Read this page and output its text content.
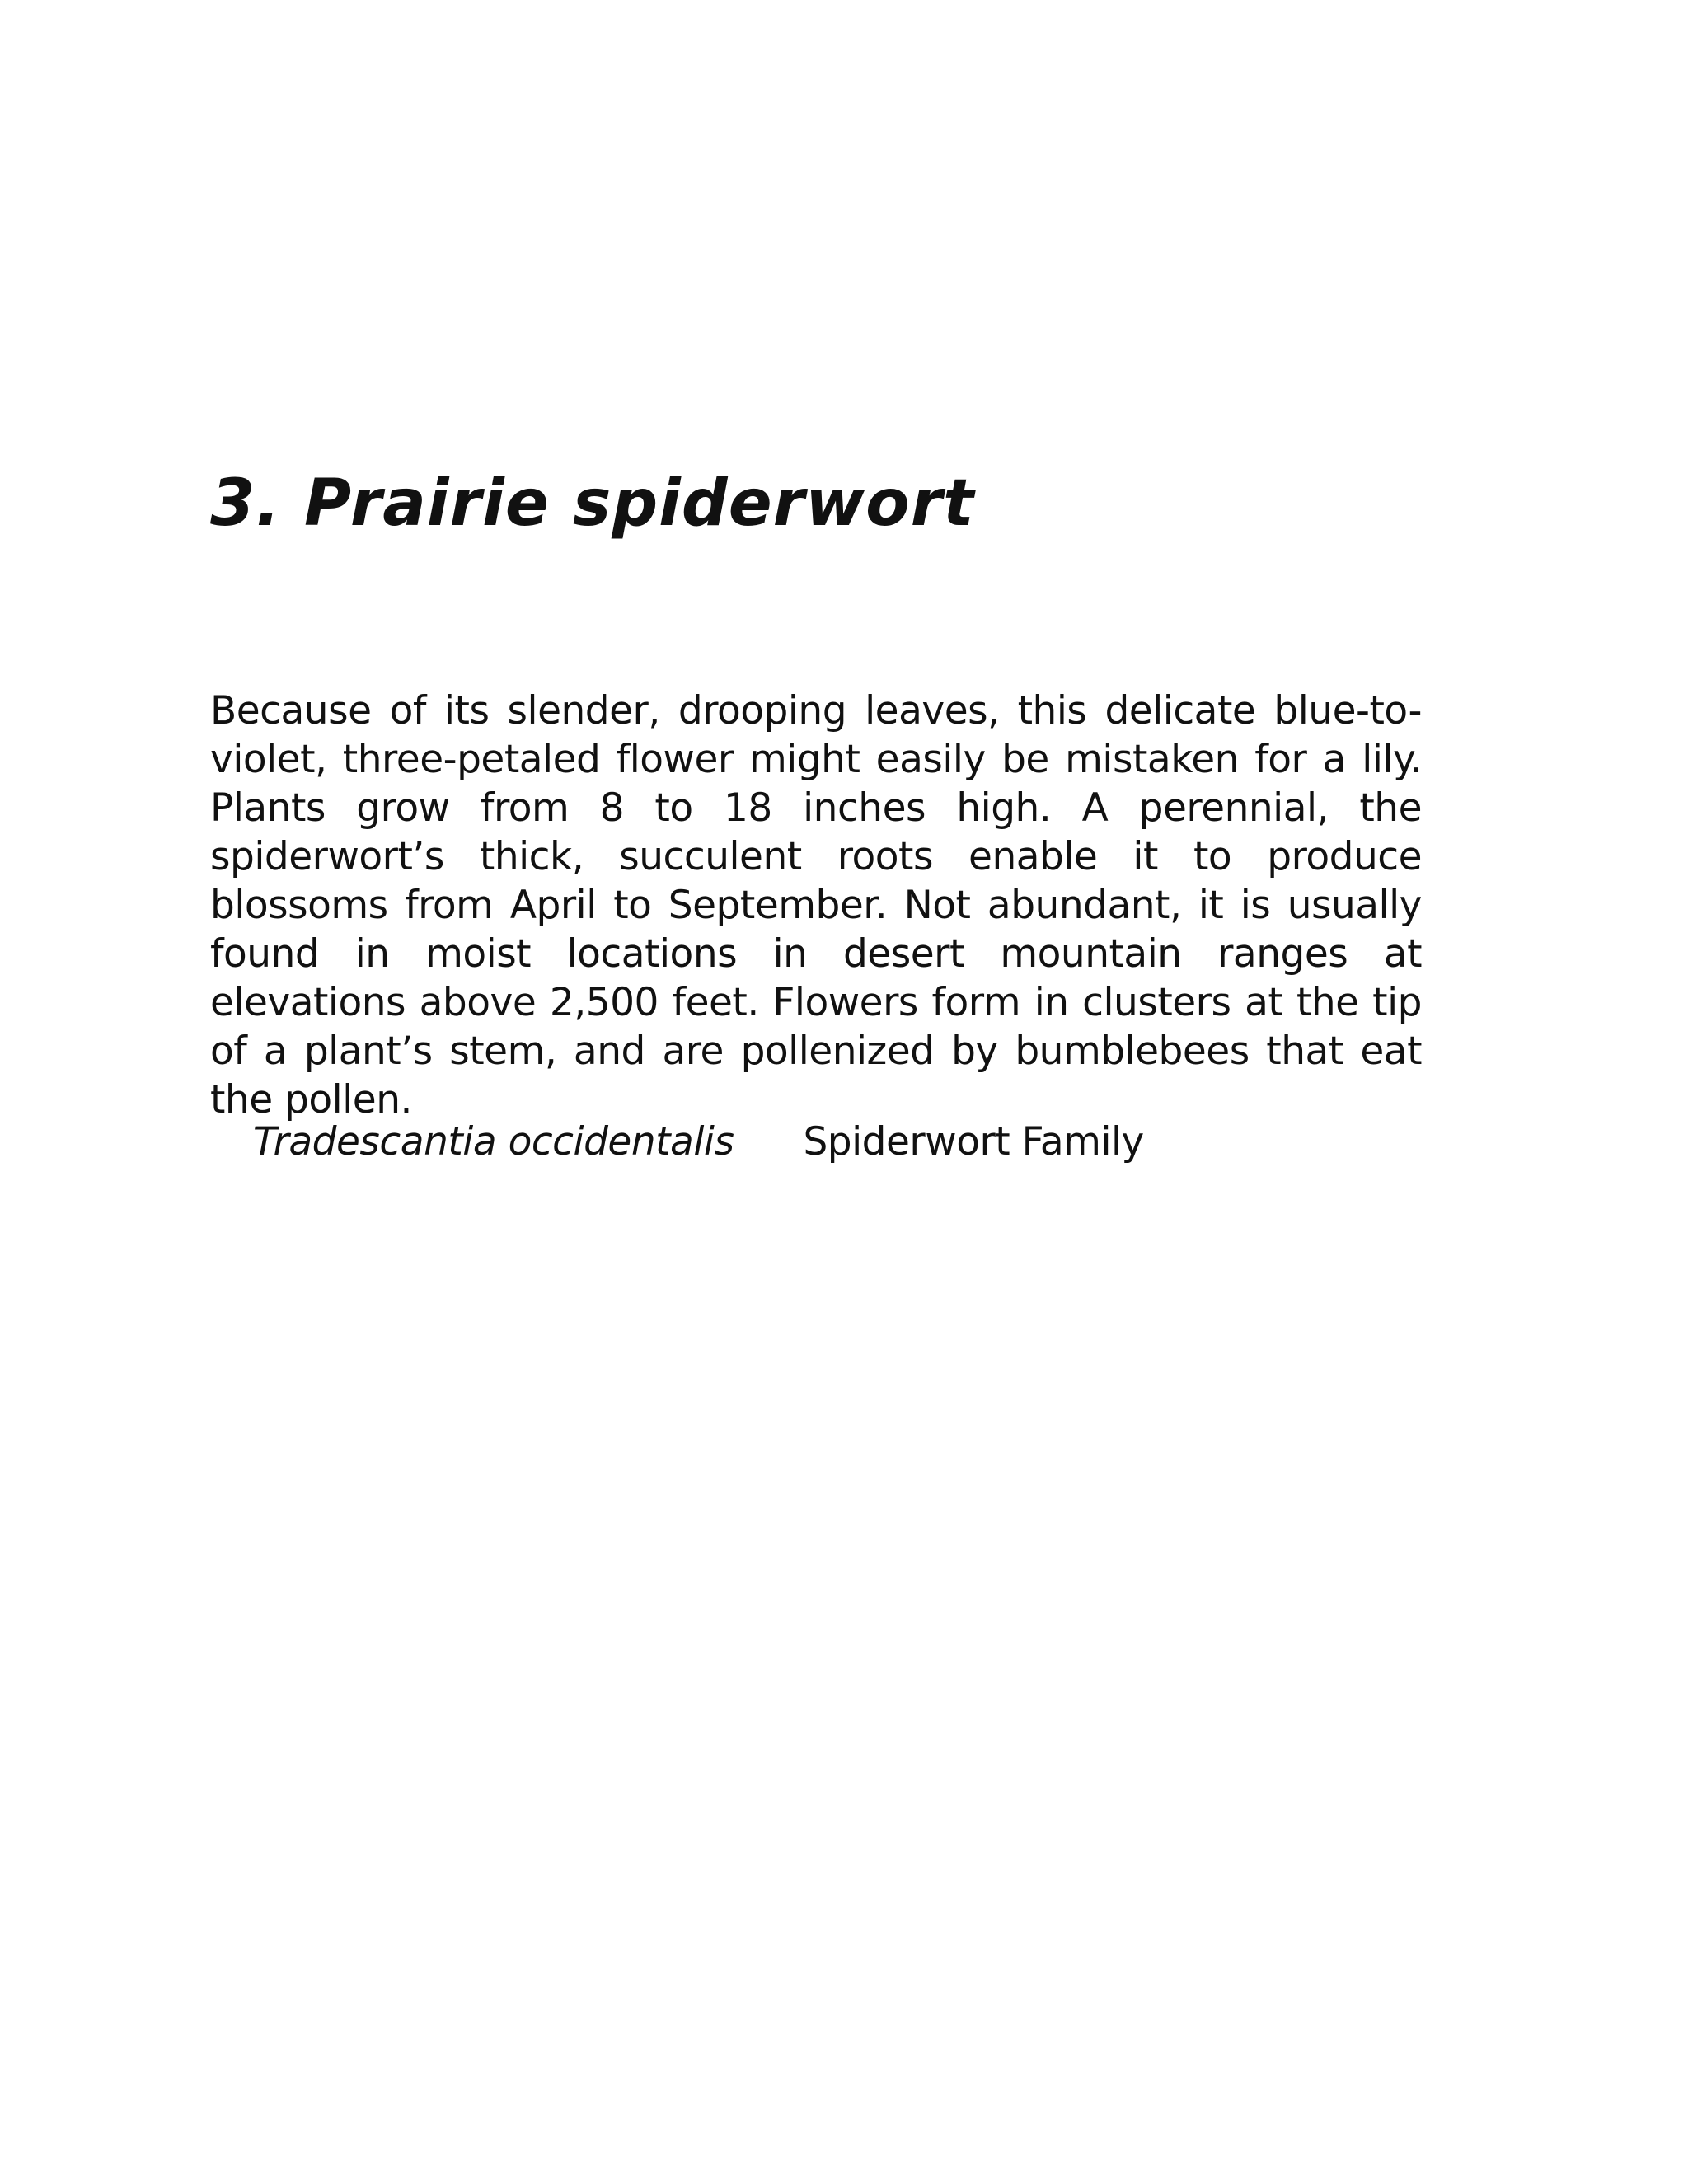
3. Prairie spiderwort

Because of its slender, drooping leaves, this delicate blue-to-violet, three-petaled flower might easily be mistaken for a lily. Plants grow from 8 to 18 inches high. A perennial, the spiderwort’s thick, succulent roots enable it to produce blossoms from April to September. Not abundant, it is usually found in moist locations in desert mountain ranges at elevations above 2,500 feet. Flowers form in clusters at the tip of a plant’s stem, and are pollenized by bumblebees that eat the pollen.

Tradescantia occidentalis Spiderwort Family
